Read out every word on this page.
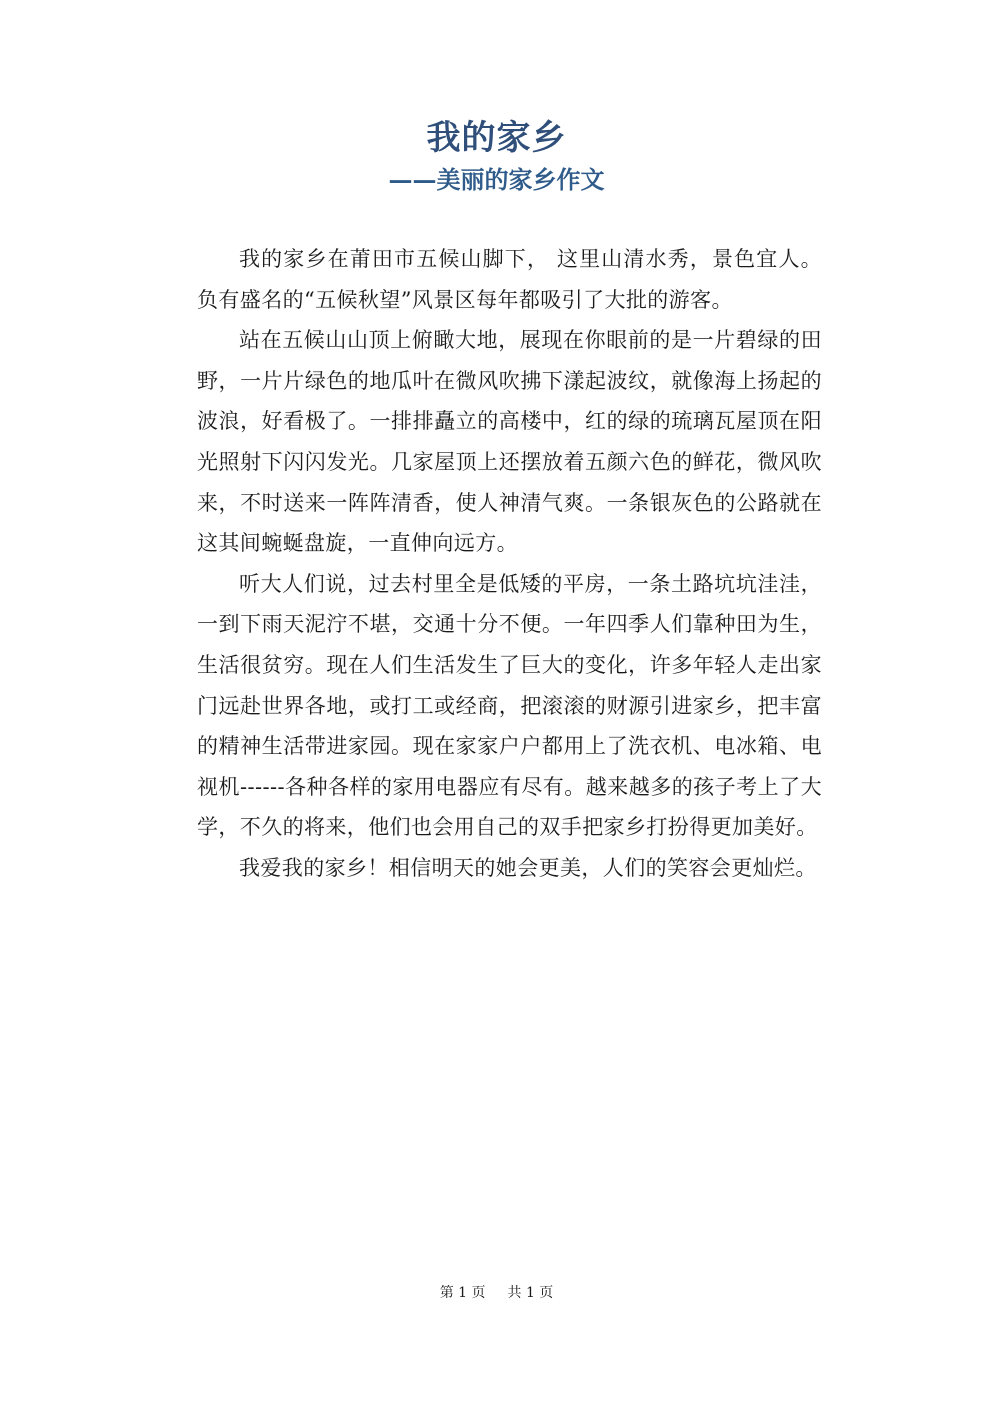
我的家乡
——美丽的家乡作文

我的家乡在莆田市五候山脚下， 这里山清水秀，景色宜人。负有盛名的“五候秋望”风景区每年都吸引了大批的游客。

站在五候山山顶上俯瞰大地，展现在你眼前的是一片碧绿的田野，一片片绿色的地瓜叶在微风吹拂下漾起波纹，就像海上扬起的波浪，好看极了。一排排矗立的高楼中，红的绿的琉璃瓦屋顶在阳光照射下闪闪发光。几家屋顶上还摆放着五颜六色的鲜花，微风吹来，不时送来一阵阵清香，使人神清气爽。一条银灰色的公路就在这其间蜿蜒盘旋，一直伸向远方。

听大人们说，过去村里全是低矮的平房，一条土路坑坑洼洼，一到下雨天泥泞不堪，交通十分不便。一年四季人们靠种田为生，生活很贫穷。现在人们生活发生了巨大的变化，许多年轻人走出家门远赴世界各地，或打工或经商，把滚滚的财源引进家乡，把丰富的精神生活带进家园。现在家家户户都用上了洗衣机、电冰箱、电视机------各种各样的家用电器应有尽有。越来越多的孩子考上了大学，不久的将来，他们也会用自己的双手把家乡打扮得更加美好。

我爱我的家乡！相信明天的她会更美，人们的笑容会更灿烂。

第 1 页 共 1 页
